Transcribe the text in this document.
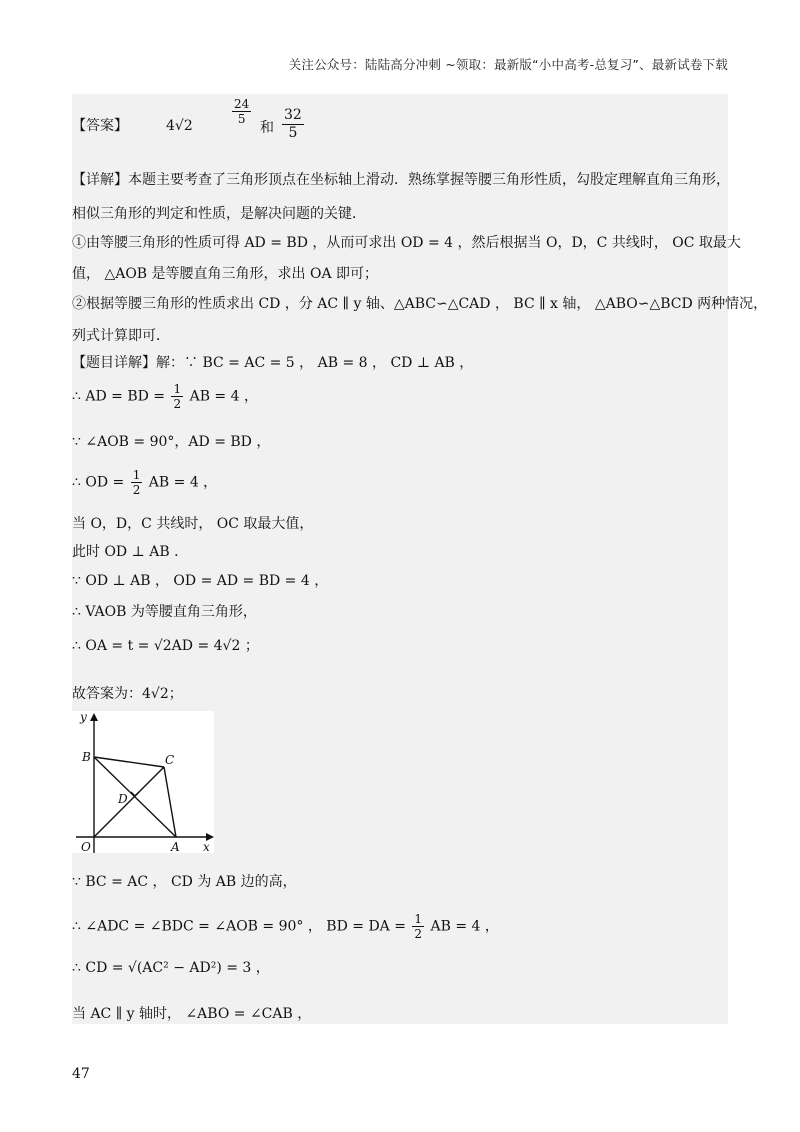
关注公众号：陆陆高分冲刺 ~领取：最新版“小中高考-总复习”、最新试卷下载
【答案】	4√2	$\frac{24}{5}$
和 $\frac{32}{5}$
【详解】本题主要考查了三角形顶点在坐标轴上滑动．熟练掌握等腰三角形性质，勾股定理解直角三角形，
相似三角形的判定和性质，是解决问题的关键．
①由等腰三角形的性质可得 AD = BD ，从而可求出 OD = 4 ，然后根据当 O，D，C 共线时， OC 取最大
值， △AOB 是等腰直角三角形，求出 OA 即可；
②根据等腰三角形的性质求出 CD ，分 AC ∥ y 轴、△ABC∽△CAD ， BC ∥ x 轴， △ABO∽△BCD 两种情况，
列式计算即可．
【题目详解】解：∵ BC = AC = 5 ， AB = 8 ， CD ⊥ AB ，
∴ AD = BD = $\frac{1}{2}$ AB = 4 ，
∵ ∠AOB = 90°，AD = BD ，
∴ OD = $\frac{1}{2}$ AB = 4 ，
当 O，D，C 共线时， OC 取最大值，
此时 OD ⊥ AB ．
∵ OD ⊥ AB ， OD = AD = BD = 4 ，
∴ VAOB 为等腰直角三角形，
∴ OA = t = √2AD = 4√2 ；
故答案为：4√2；
y
x
O	A
B	C
D
∵ BC = AC ， CD 为 AB 边的高，
∴ ∠ADC = ∠BDC = ∠AOB = 90° ， BD = DA = $\frac{1}{2}$ AB = 4 ，
∴ CD = √(AC² − AD²) = 3 ，
当 AC ∥ y 轴时， ∠ABO = ∠CAB ，
47
